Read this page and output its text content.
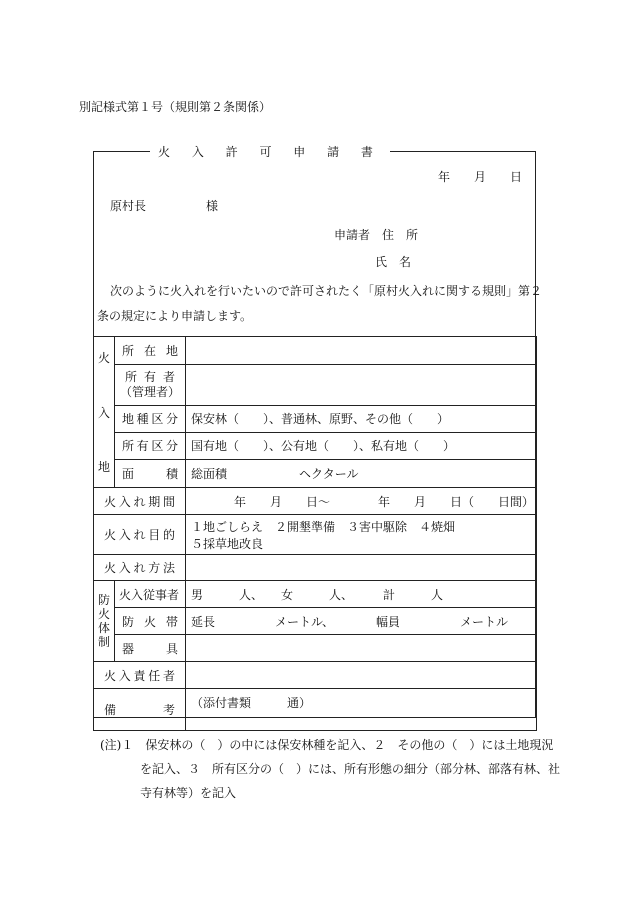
別記様式第１号（規則第２条関係）
火 入 許 可 申 請 書
年　　月　　日
原村長　　　　　様
申請者　住　所
氏　名
次のように火入れを行いたいので許可されたく「原村火入れに関する規則」第２
条の規定により申請します。
火
入
地	所在地	

	所有者
（管理者）	

	地種区分	保安林（　　）、普通林、原野、その他（　　）
	所有区分	国有地（　　）、公有地（　　）、私有地（　　）
	面積	総面積　　　　　　ヘクタール
火入れ期間		年　　月　　日～　　　　年　　月　　日（　　日間）
火入れ目的		１地ごしらえ　２開墾準備　３害中駆除　４焼畑
５採草地改良

火入れ方法		

防
火
体
制	火入従事者	男　　　人、　　女　　　人、　　　計　　　人
	防火帯	延長　　　　　メートル、　　　　幅員　　　　　メートル
	器具	
火入責任者		
備考		（添付書類　　　通）
(注)１　保安林の（　）の中には保安林種を記入、２　その他の（　）には土地現況
を記入、３　所有区分の（　）には、所有形態の細分（部分林、部落有林、社
寺有林等）を記入
